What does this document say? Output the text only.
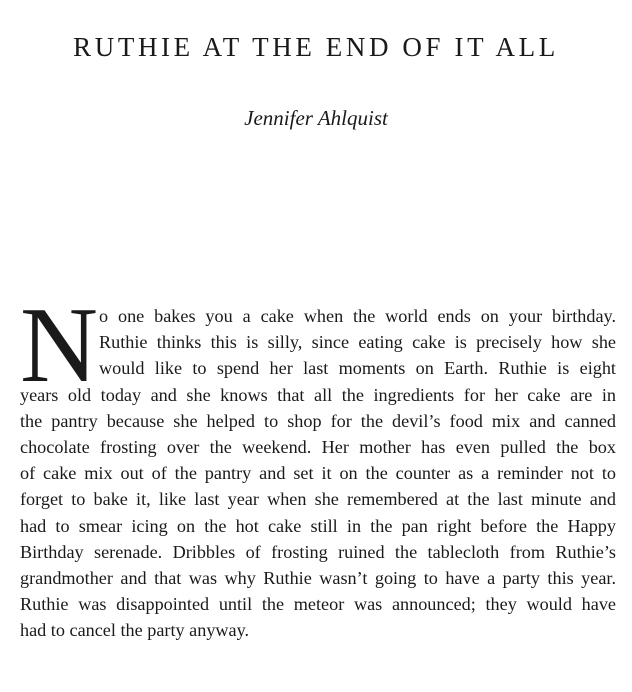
RUTHIE AT THE END OF IT ALL
Jennifer Ahlquist
N o one bakes you a cake when the world ends on your birthday.
Ruthie thinks this is silly, since eating cake is precisely how she
would like to spend her last moments on Earth. Ruthie is eight
years old today and she knows that all the ingredients for her cake are in
the pantry because she helped to shop for the devil’s food mix and canned
chocolate frosting over the weekend. Her mother has even pulled the box
of cake mix out of the pantry and set it on the counter as a reminder not to
forget to bake it, like last year when she remembered at the last minute and
had to smear icing on the hot cake still in the pan right before the Happy
Birthday serenade. Dribbles of frosting ruined the tablecloth from Ruthie’s
grandmother and that was why Ruthie wasn’t going to have a party this year.
Ruthie was disappointed until the meteor was announced; they would have
had to cancel the party anyway.
